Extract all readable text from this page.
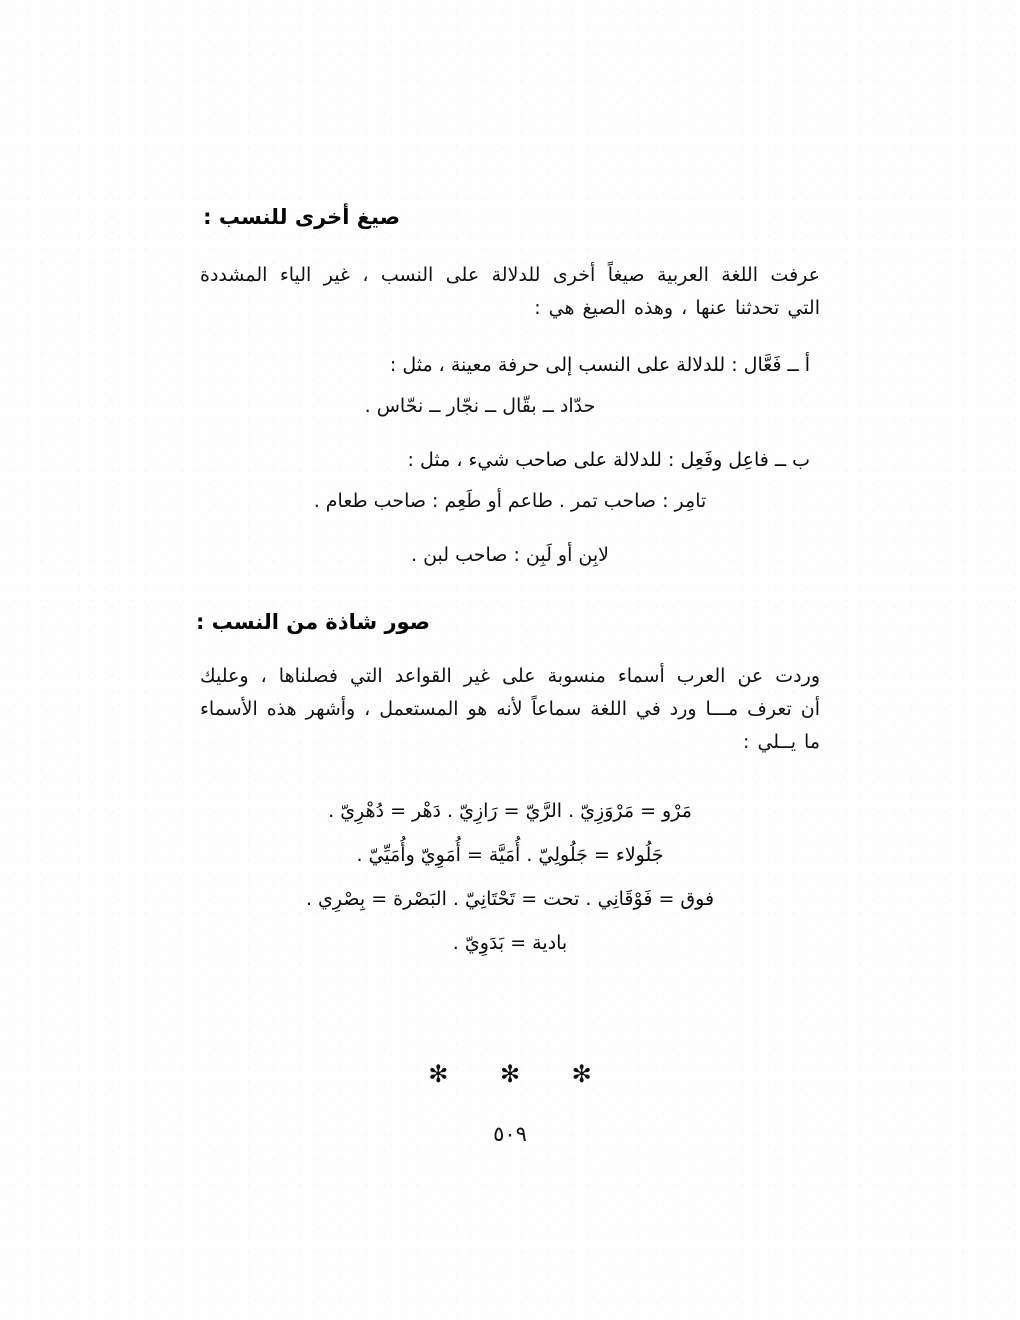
صيغ أخرى للنسب :

عرفت اللغة العربية صيغاً أخرى للدلالة على النسب ، غير الياء المشددة
التي تحدثنا عنها ، وهذه الصيغ هي :

أ ــ فَعَّال : للدلالة على النسب إلى حرفة معينة ، مثل :

حدّاد ــ بقّال ــ نجّار ــ نحّاس .

ب ــ فاعِل وفَعِل : للدلالة على صاحب شيء ، مثل :

تامِر : صاحب تمر . طاعم أو طَعِم : صاحب طعام .

لابِن أو لَبِن : صاحب لبن .

صور شاذة من النسب :

وردت عن العرب أسماء منسوبة على غير القواعد التي فصلناها ، وعليك
أن تعرف مـــا ورد في اللغة سماعاً لأنه هو المستعمل ، وأشهر هذه الأسماء
ما يــلي :

مَرْو = مَرْوَزِيّ . الرَّيّ = رَازِيّ . دَهْر = دُهْرِيّ .
جَلُولاء = جَلُولِيّ . أُمَيَّة = أُمَوِيّ وأُمَيِّيّ .
فوق = فَوْقَانِي . تحت = تَحْتَانِيّ . البَصْرة = بِصْرِي .
بادية = بَدَوِيّ .
✻ ✻ ✻
٥٠٩
